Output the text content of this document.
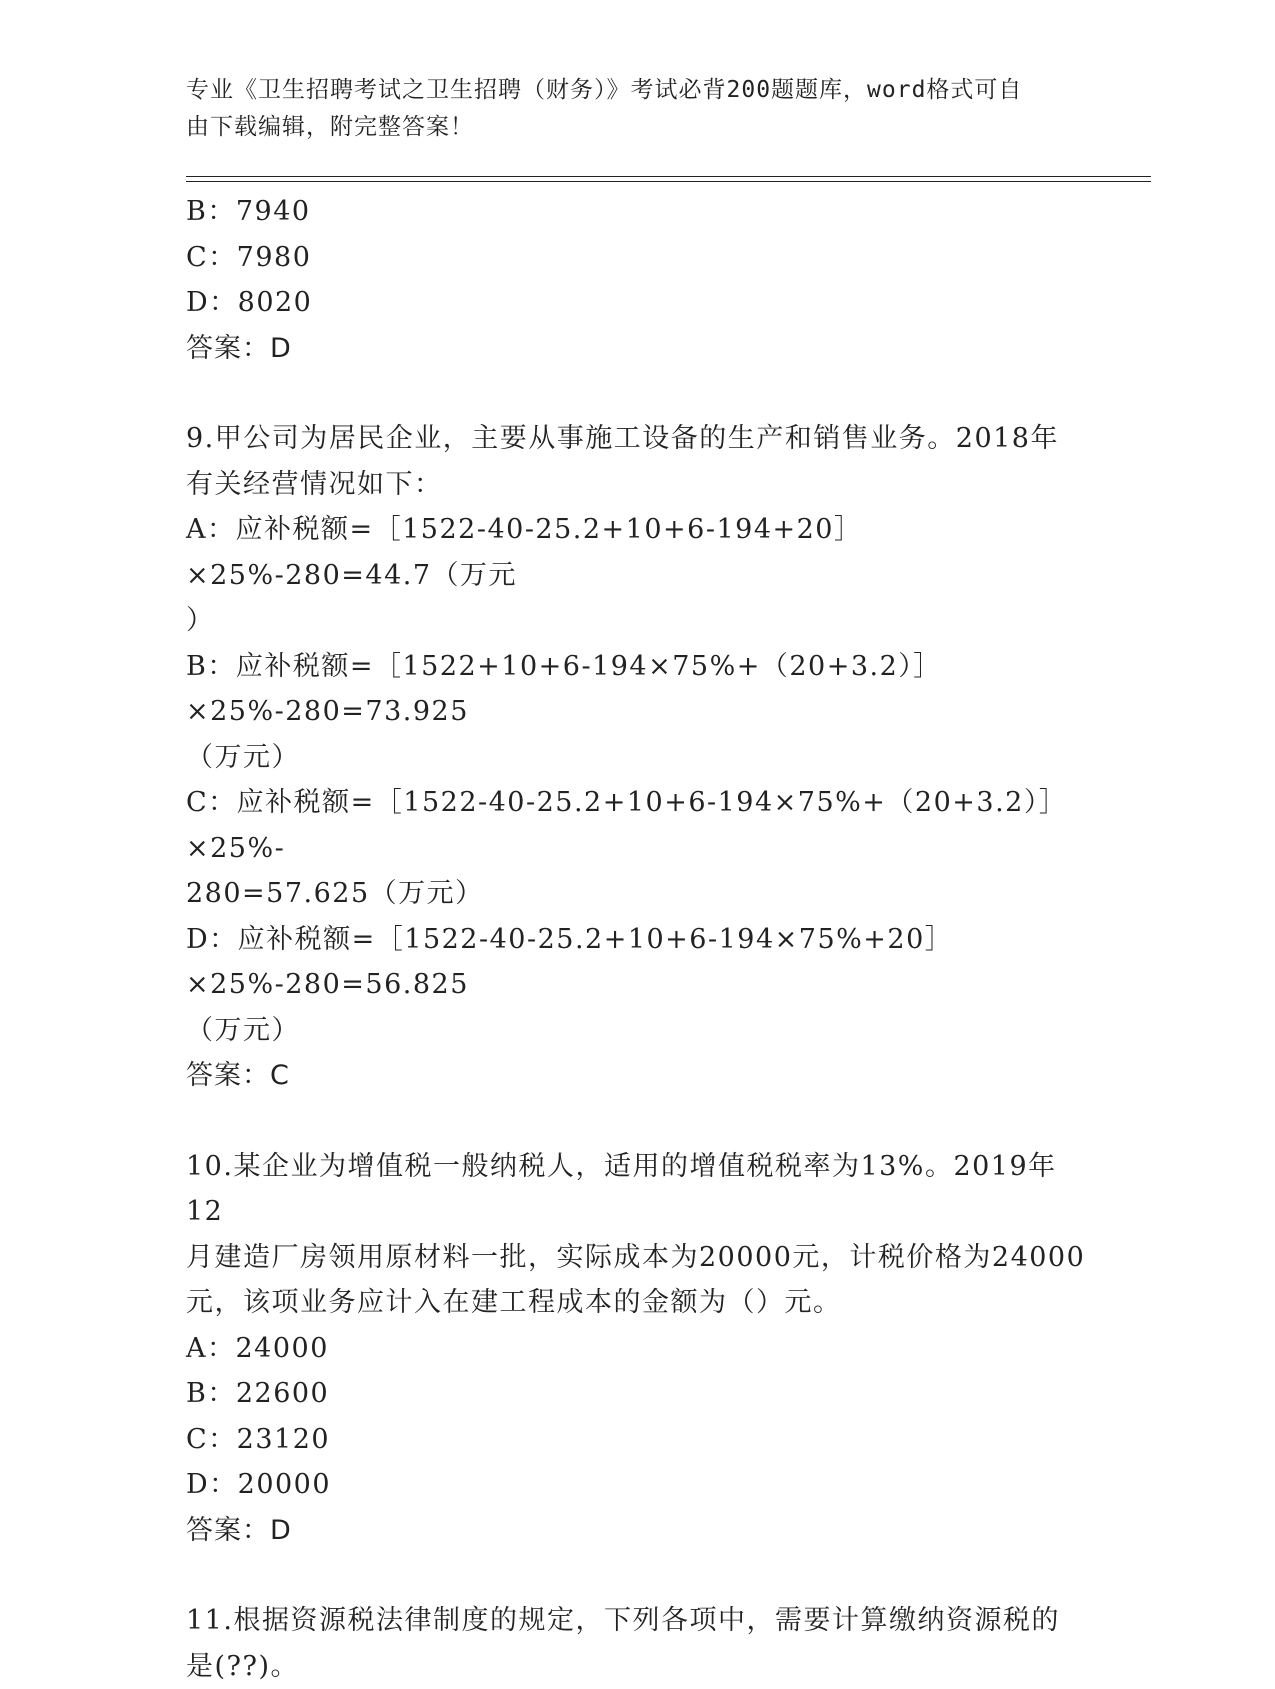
专业《卫生招聘考试之卫生招聘（财务）》考试必背200题题库，word格式可自

由下载编辑，附完整答案！

B：7940

C：7980

D：8020

答案：D

9.甲公司为居民企业，主要从事施工设备的生产和销售业务。2018年

有关经营情况如下：

A：应补税额=［1522-40-25.2+10+6-194+20］×25%-280=44.7（万元

）

B：应补税额=［1522+10+6-194×75%+（20+3.2）］×25%-280=73.925

（万元）

C：应补税额=［1522-40-25.2+10+6-194×75%+（20+3.2）］×25%-

280=57.625（万元）

D：应补税额=［1522-40-25.2+10+6-194×75%+20］×25%-280=56.825

（万元）

答案：C

10.某企业为增值税一般纳税人，适用的增值税税率为13%。2019年12

月建造厂房领用原材料一批，实际成本为20000元，计税价格为24000

元，该项业务应计入在建工程成本的金额为（）元。

A：24000

B：22600

C：23120

D：20000

答案：D

11.根据资源税法律制度的规定，下列各项中，需要计算缴纳资源税的

是(??)。
